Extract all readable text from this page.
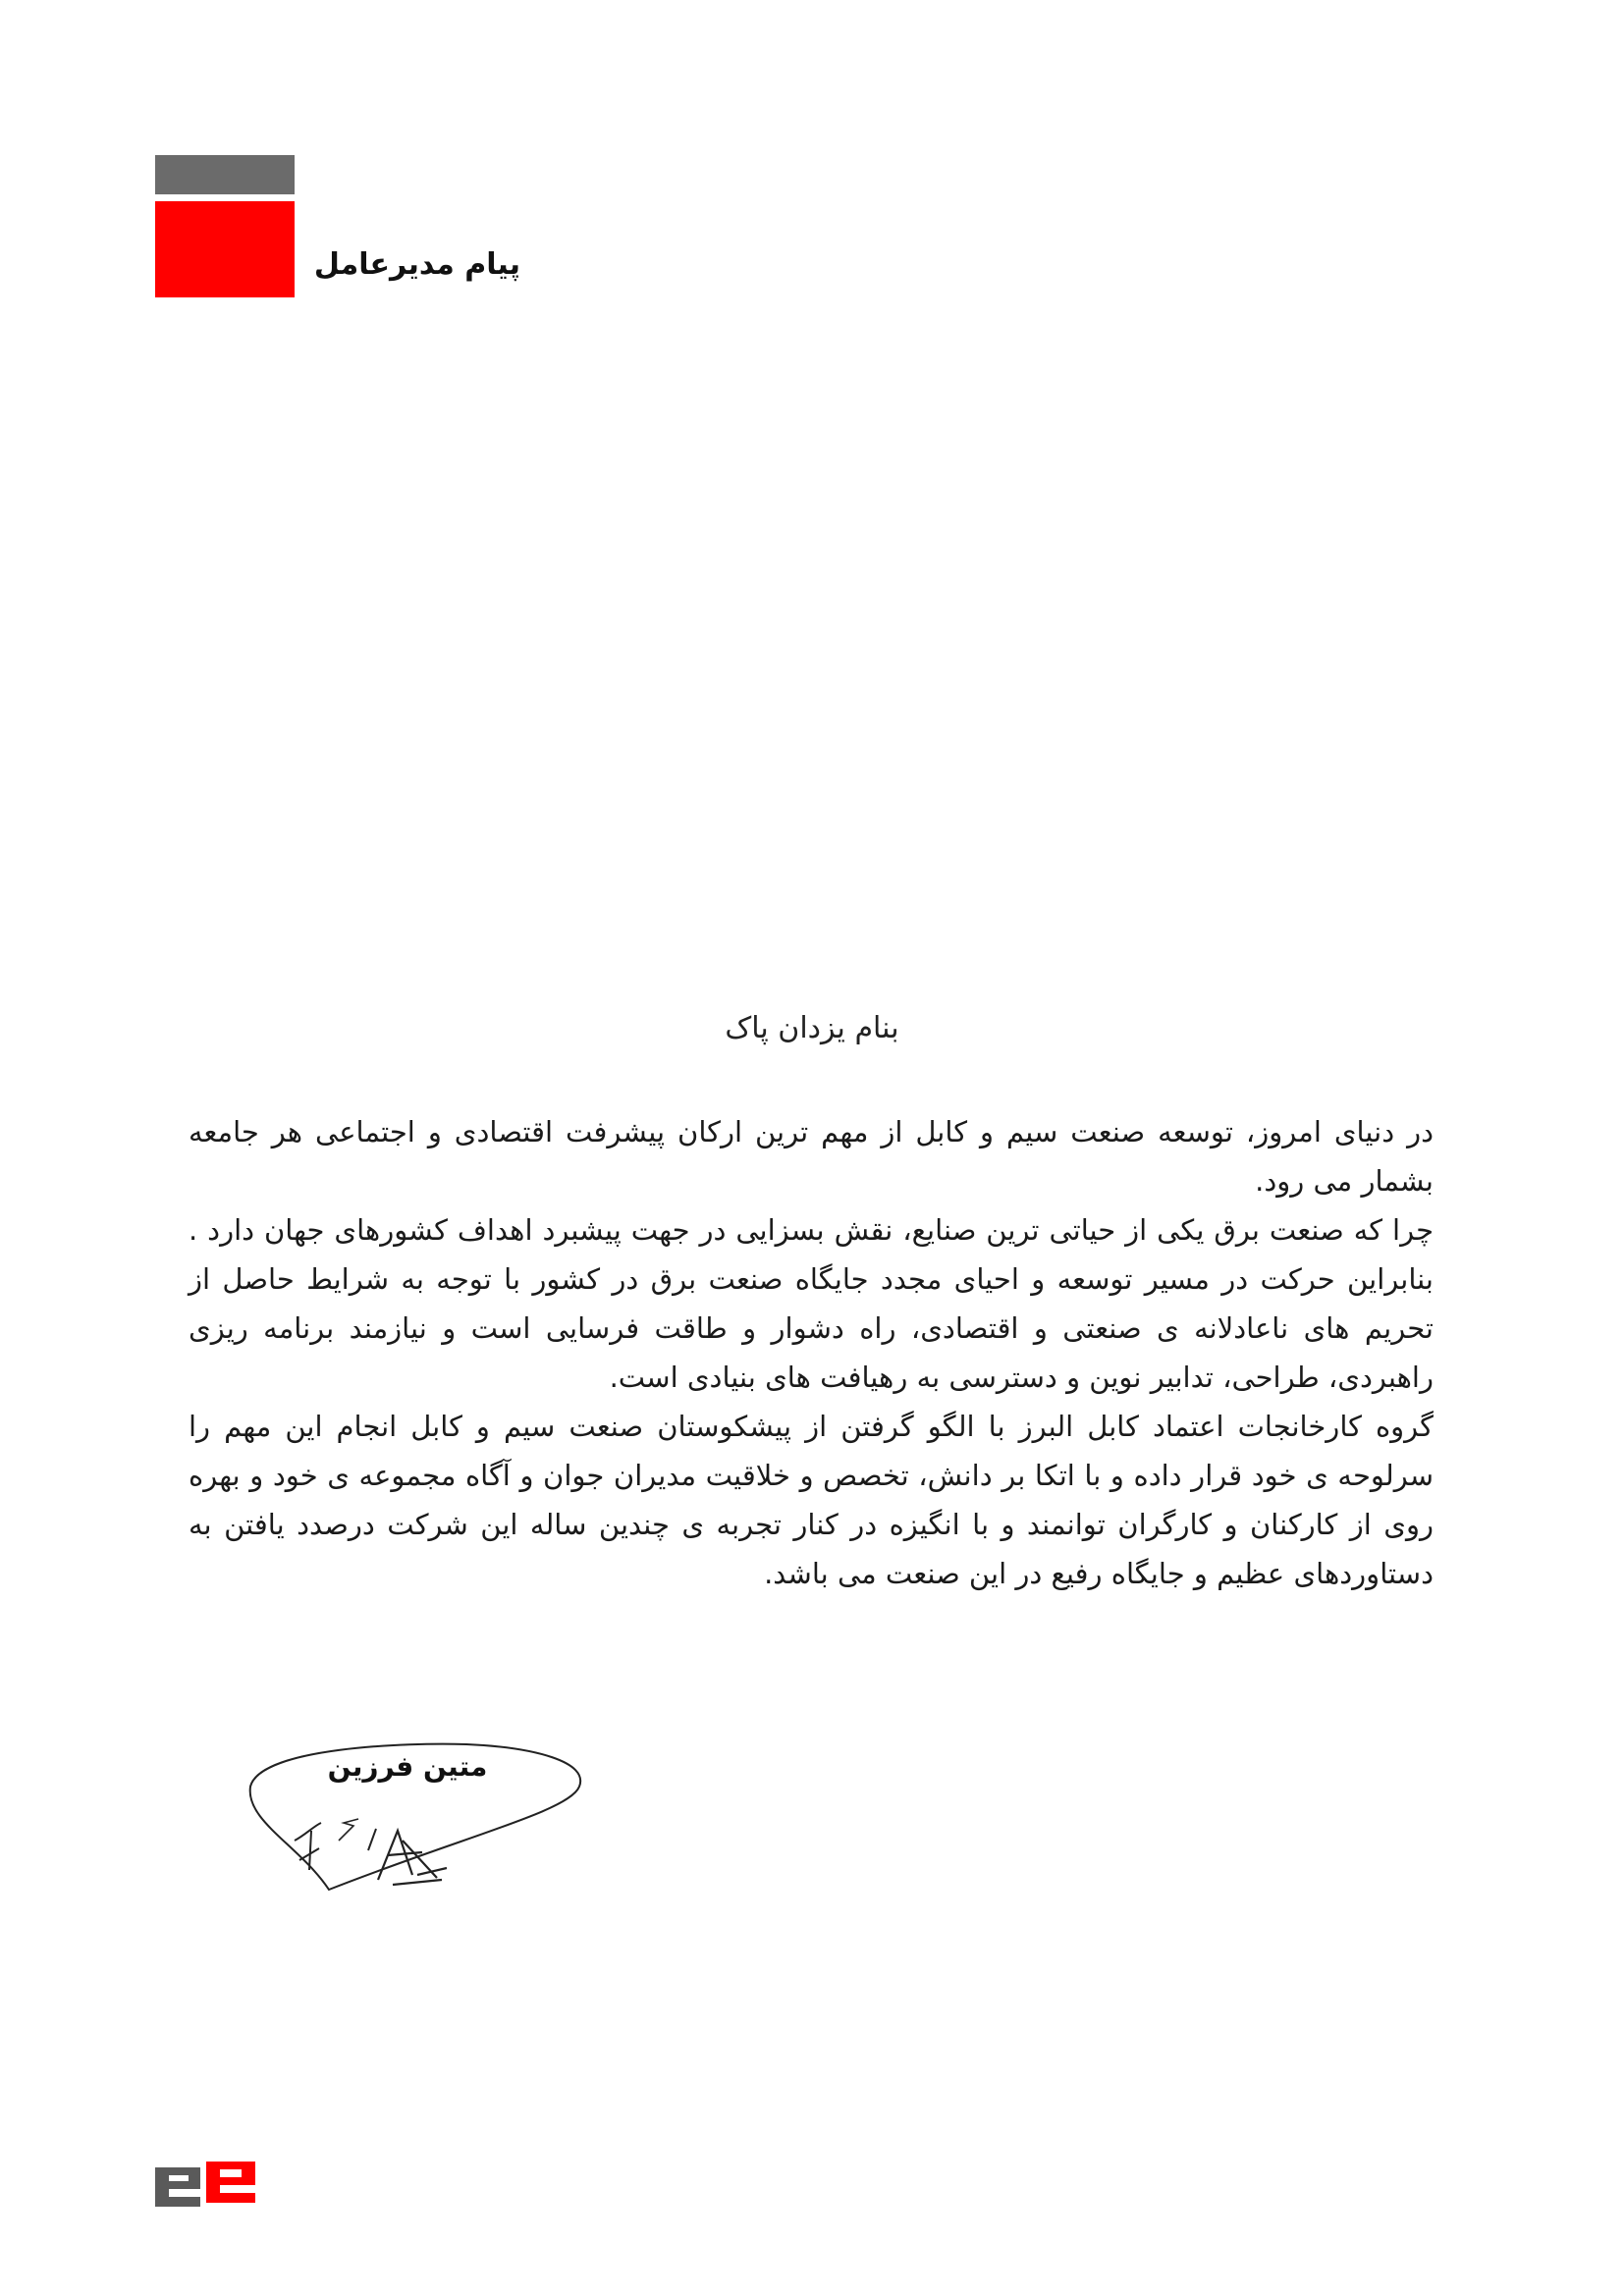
پیام مدیرعامل
بنام یزدان پاک

در دنیای امروز، توسعه صنعت سیم و کابل از مهم ترین ارکان پیشرفت اقتصادی و اجتماعی هر جامعه بشمار می رود.

چرا که صنعت برق یکی از حیاتی ترین صنایع، نقش بسزایی در جهت پیشبرد اهداف کشورهای جهان دارد . بنابراین حرکت در مسیر توسعه و احیای مجدد جایگاه صنعت برق در کشور با توجه به شرایط حاصل از تحریم های ناعادلانه ی صنعتی و اقتصادی، راه دشوار و طاقت فرسایی است و نیازمند برنامه ریزی راهبردی، طراحی، تدابیر نوین و دسترسی به رهیافت های بنیادی است.

گروه کارخانجات اعتماد کابل البرز با الگو گرفتن از پیشکوستان صنعت سیم و کابل انجام این مهم را سرلوحه ی خود قرار داده و با اتکا بر دانش، تخصص و خلاقیت مدیران جوان و آگاه مجموعه ی خود و بهره روی از کارکنان و کارگران توانمند و با انگیزه در کنار تجربه ی چندین ساله این شرکت درصدد یافتن به دستاوردهای عظیم و جایگاه رفیع در این صنعت می باشد.

متین فرزین
